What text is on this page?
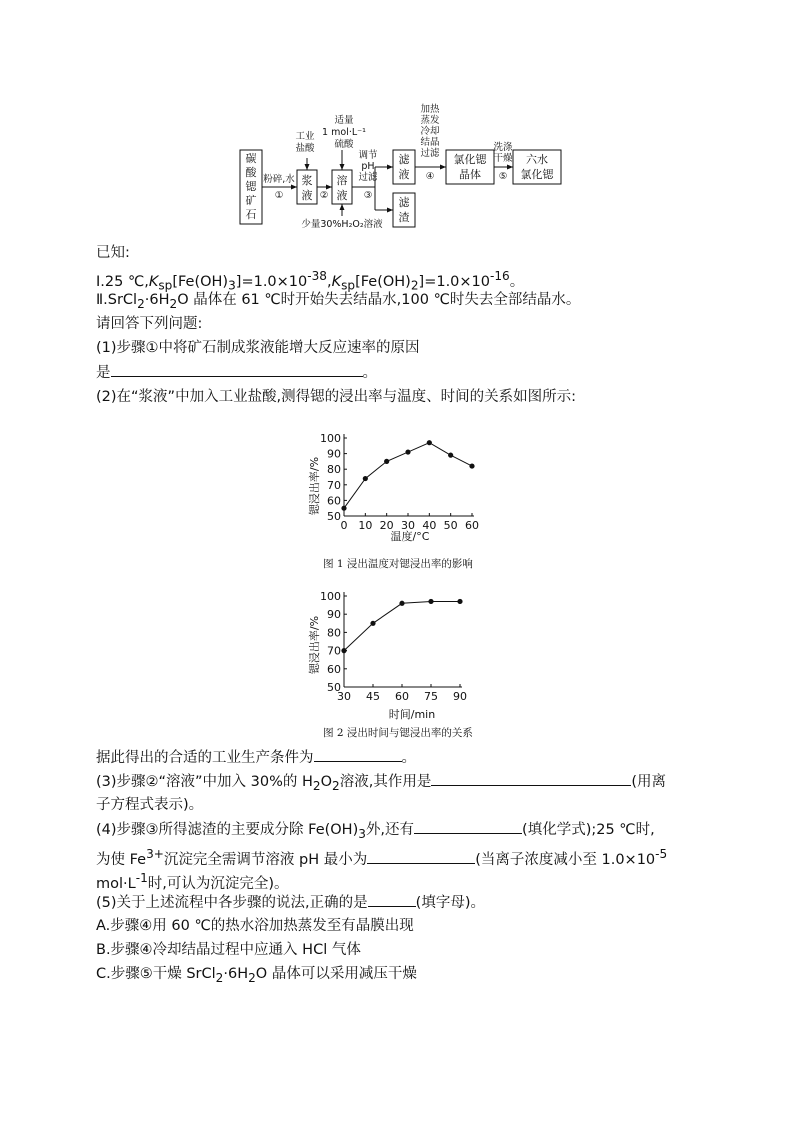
碳
酸
锶
矿
石
浆
液
溶
液
滤
液
滤
渣
氯化锶
晶体
六水
氯化锶
粉碎,水
①	②
调节
pH
过滤
③
加热
蒸发
冷却
结晶
过滤
④
洗涤
干燥
⑤
工业
盐酸
适量
1 mol·L⁻¹
硫酸
少量30%H₂O₂溶液
已知:
Ⅰ.25 $℃,K_{sp}[Fe(OH)_3]=1.0\times 10^{-38},K_{sp}[Fe(OH)_2]=1.0\times 10^{-16}$。
$Ⅱ.SrCl_2\cdot 6H_2O$ 晶体在 61 ℃时开始失去结晶水,100 ℃时失去全部结晶水。
请回答下列问题:
(1)步骤①中将矿石制成浆液能增大反应速率的原因
是	。
(2)在“浆液”中加入工业盐酸,测得锶的浸出率与温度、时间的关系如图所示:
50
60
70
80
90
100
0 10 20 30 40 50 60
锶浸出率/%
温度/°C
图 1 浸出温度对锶浸出率的影响
50
60
70
80
90
100
30 45 60 75 90
锶浸出率/%
时间/min
图 2 浸出时间与锶浸出率的关系
据此得出的合适的工业生产条件为	。
(3)步骤②“溶液”中加入 30%的 $H_2O_2$溶液,其作用是	(用离
子方程式表示)。
(4)步骤③所得滤渣的主要成分除 $Fe(OH)_3$外,还有	(填化学式);25 ℃时,
为使 $Fe^{3+}$沉淀完全需调节溶液 pH 最小为	(当离子浓度减小至 $1.0\times 10^{-5}$
$mol\cdot L^{-1}$时,可认为沉淀完全)。
(5)关于上述流程中各步骤的说法,正确的是	(填字母)。
A.步骤④用 60 ℃的热水浴加热蒸发至有晶膜出现
B.步骤④冷却结晶过程中应通入 HCl 气体
C.步骤⑤干燥 $SrCl_2\cdot 6H_2O$ 晶体可以采用减压干燥
